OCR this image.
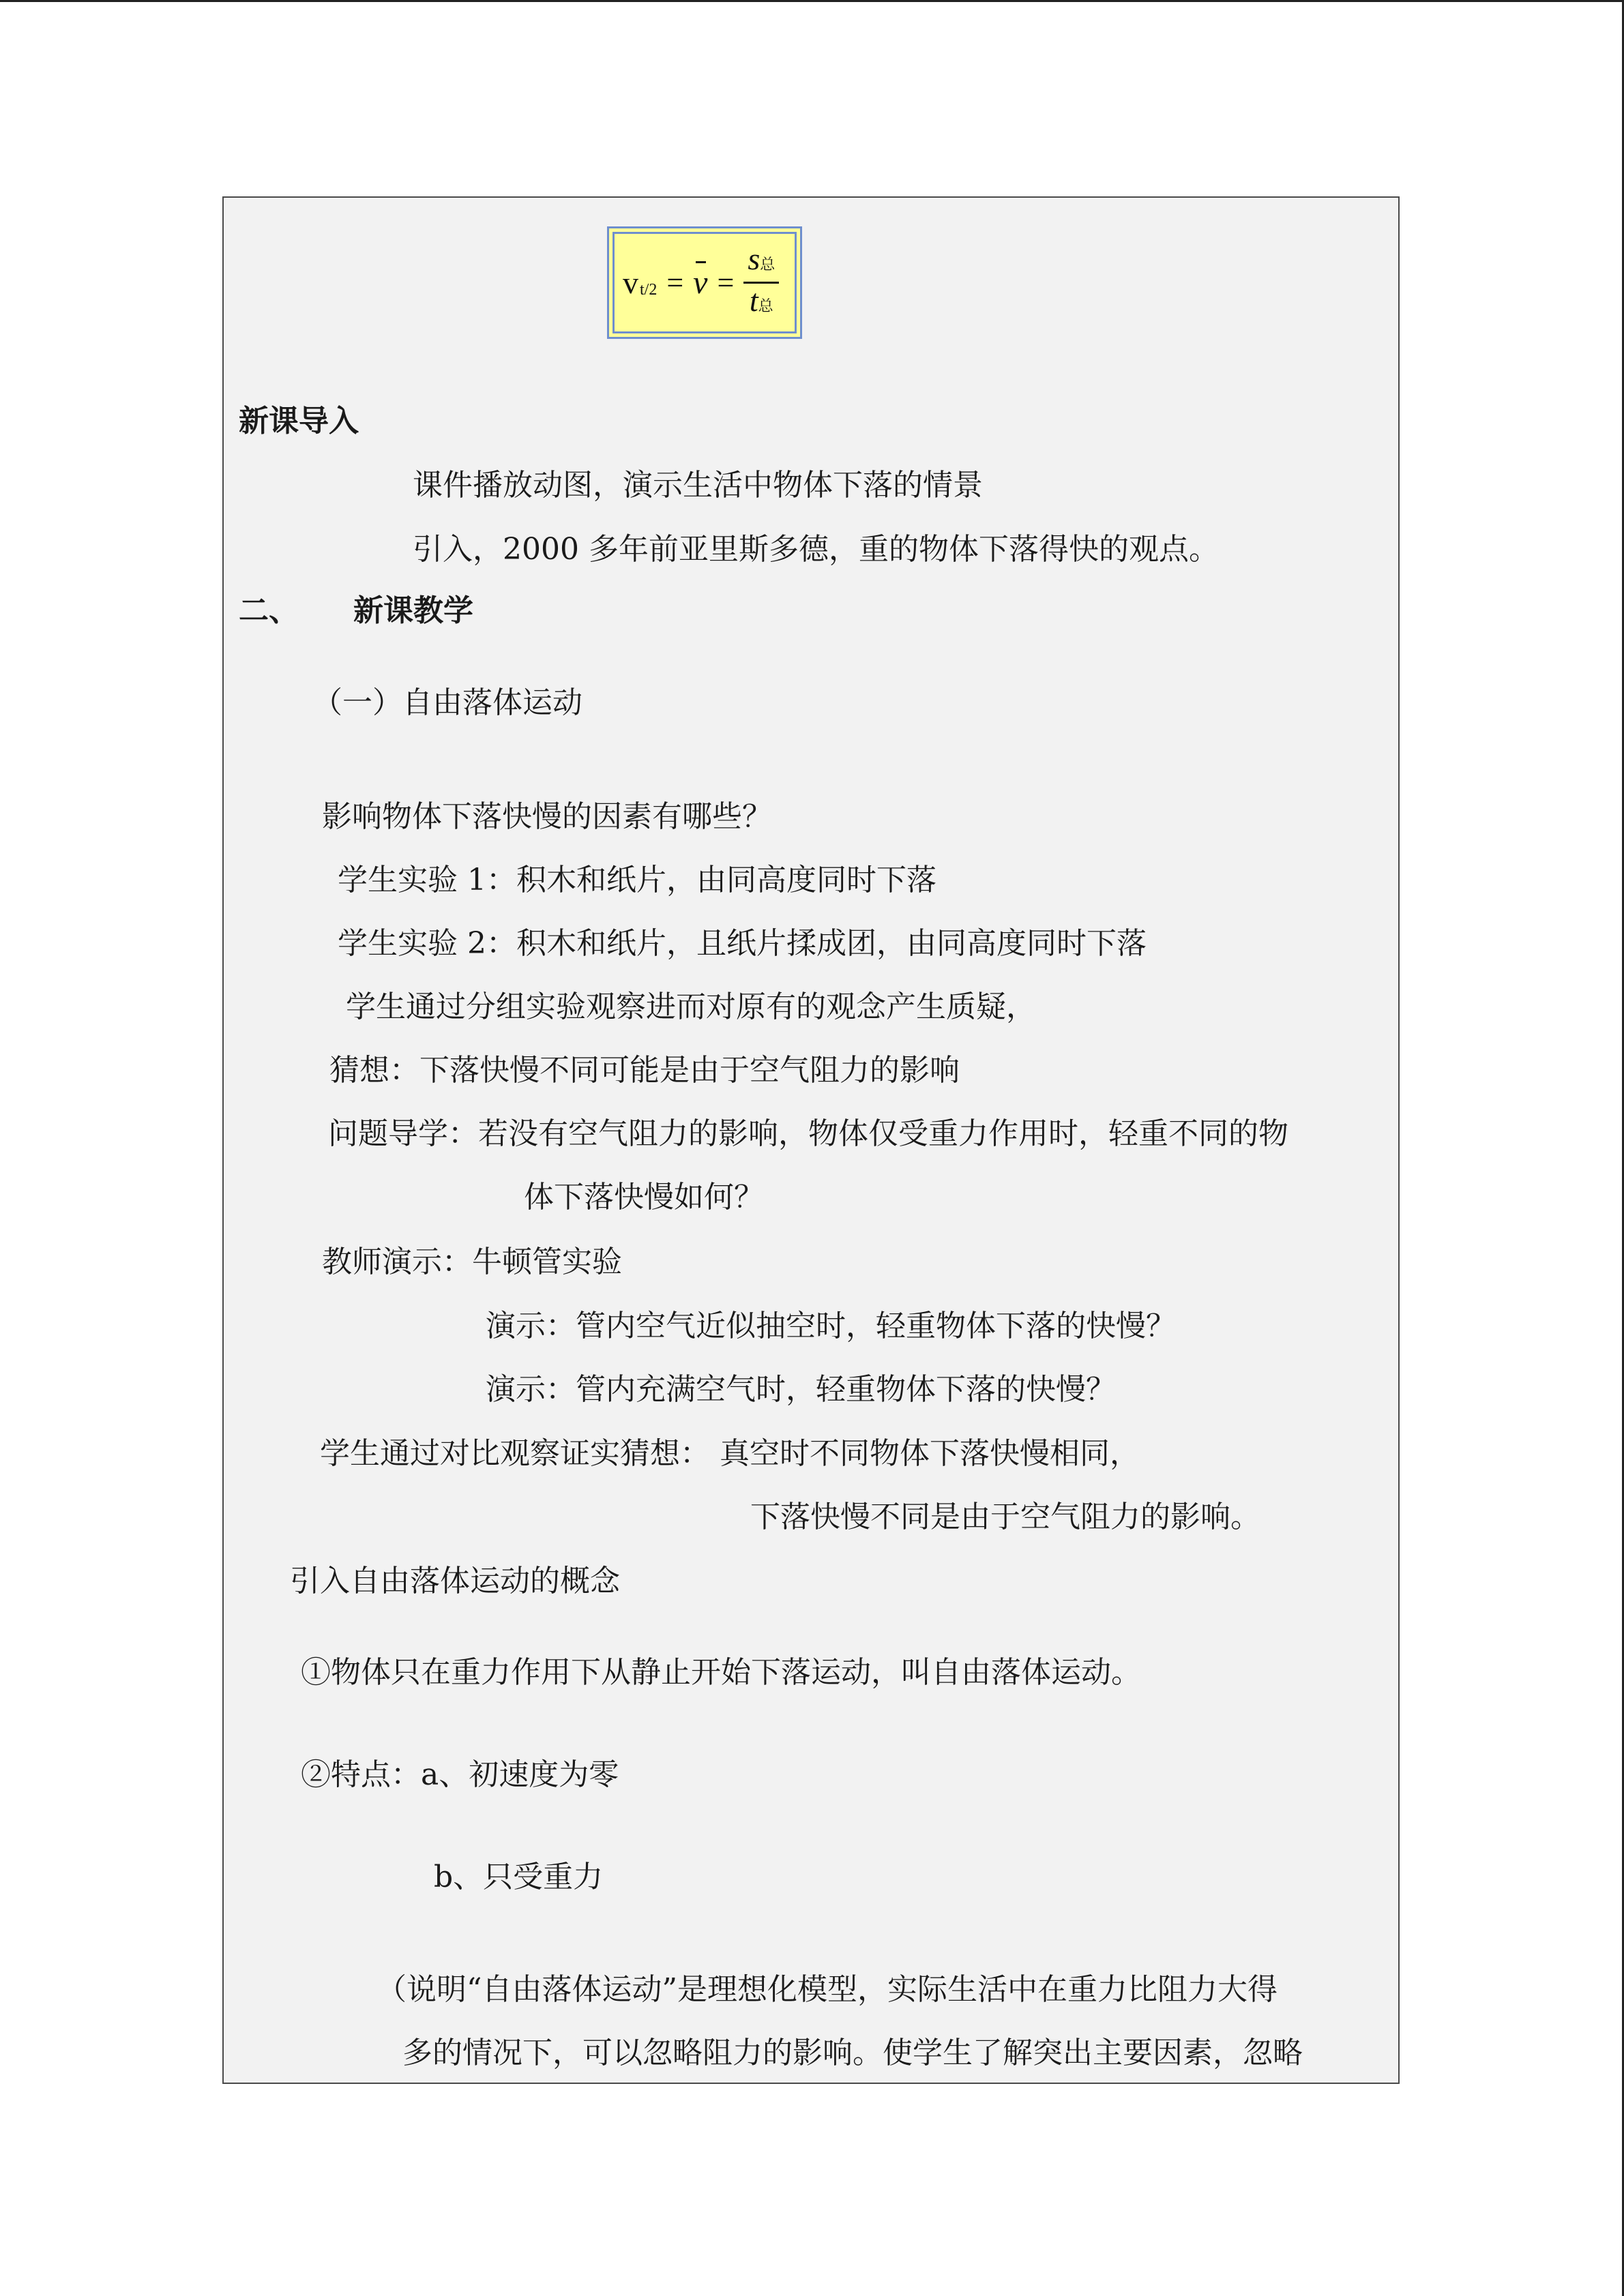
v $t/2 = v = \frac{\text{s总}}{\text{t总}}$
新课导入
课件播放动图，演示生活中物体下落的情景
引入，2000 多年前亚里斯多德，重的物体下落得快的观点。
二、 新课教学
（一）自由落体运动
影响物体下落快慢的因素有哪些？
学生实验 1：积木和纸片，由同高度同时下落
学生实验 2：积木和纸片，且纸片揉成团，由同高度同时下落
学生通过分组实验观察进而对原有的观念产生质疑，
猜想：下落快慢不同可能是由于空气阻力的影响
问题导学：若没有空气阻力的影响，物体仅受重力作用时，轻重不同的物
体下落快慢如何？
教师演示：牛顿管实验
演示：管内空气近似抽空时，轻重物体下落的快慢？
演示：管内充满空气时，轻重物体下落的快慢？
学生通过对比观察证实猜想： 真空时不同物体下落快慢相同，
下落快慢不同是由于空气阻力的影响。
引入自由落体运动的概念
①物体只在重力作用下从静止开始下落运动，叫自由落体运动。
②特点：a、初速度为零
b、只受重力
（说明“自由落体运动”是理想化模型，实际生活中在重力比阻力大得
多的情况下，可以忽略阻力的影响。使学生了解突出主要因素，忽略
